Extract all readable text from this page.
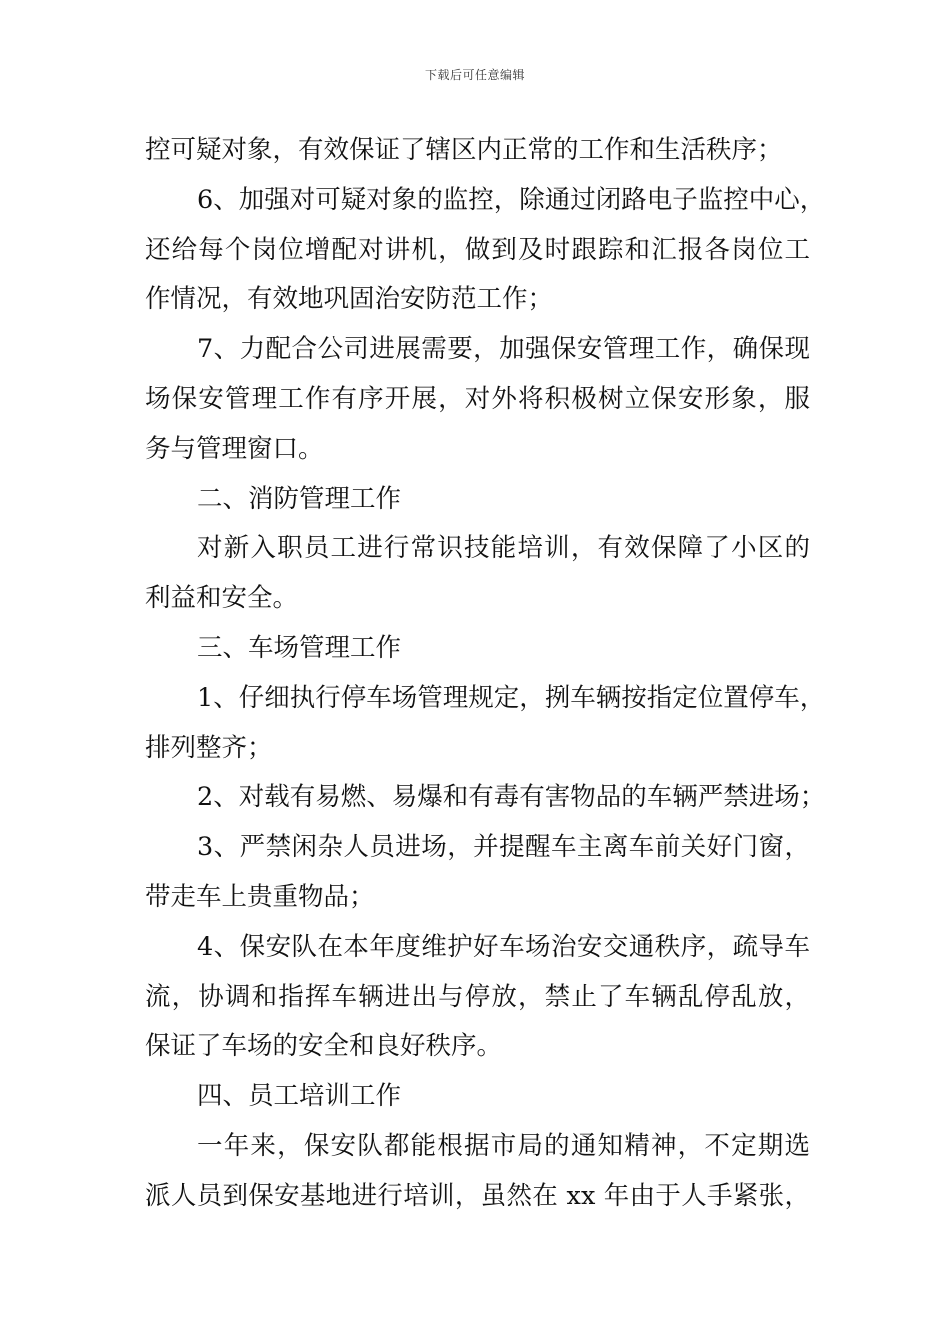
下载后可任意编辑
控可疑对象，有效保证了辖区内正常的工作和生活秩序；
6、加强对可疑对象的监控，除通过闭路电子监控中心，
还给每个岗位增配对讲机，做到及时跟踪和汇报各岗位工
作情况，有效地巩固治安防范工作；
7、力配合公司进展需要，加强保安管理工作，确保现
场保安管理工作有序开展，对外将积极树立保安形象，服
务与管理窗口。
二、消防管理工作
对新入职员工进行常识技能培训，有效保障了小区的
利益和安全。
三、车场管理工作
1、仔细执行停车场管理规定，挒车辆按指定位置停车，
排列整齐；
2、对载有易燃、易爆和有毒有害物品的车辆严禁进场；
3、严禁闲杂人员进场，并提醒车主离车前关好门窗，
带走车上贵重物品；
4、保安队在本年度维护好车场治安交通秩序，疏导车
流，协调和指挥车辆进出与停放，禁止了车辆乱停乱放，
保证了车场的安全和良好秩序。
四、员工培训工作
一年来，保安队都能根据市局的通知精神，不定期选
派人员到保安基地进行培训，虽然在 xx 年由于人手紧张，
